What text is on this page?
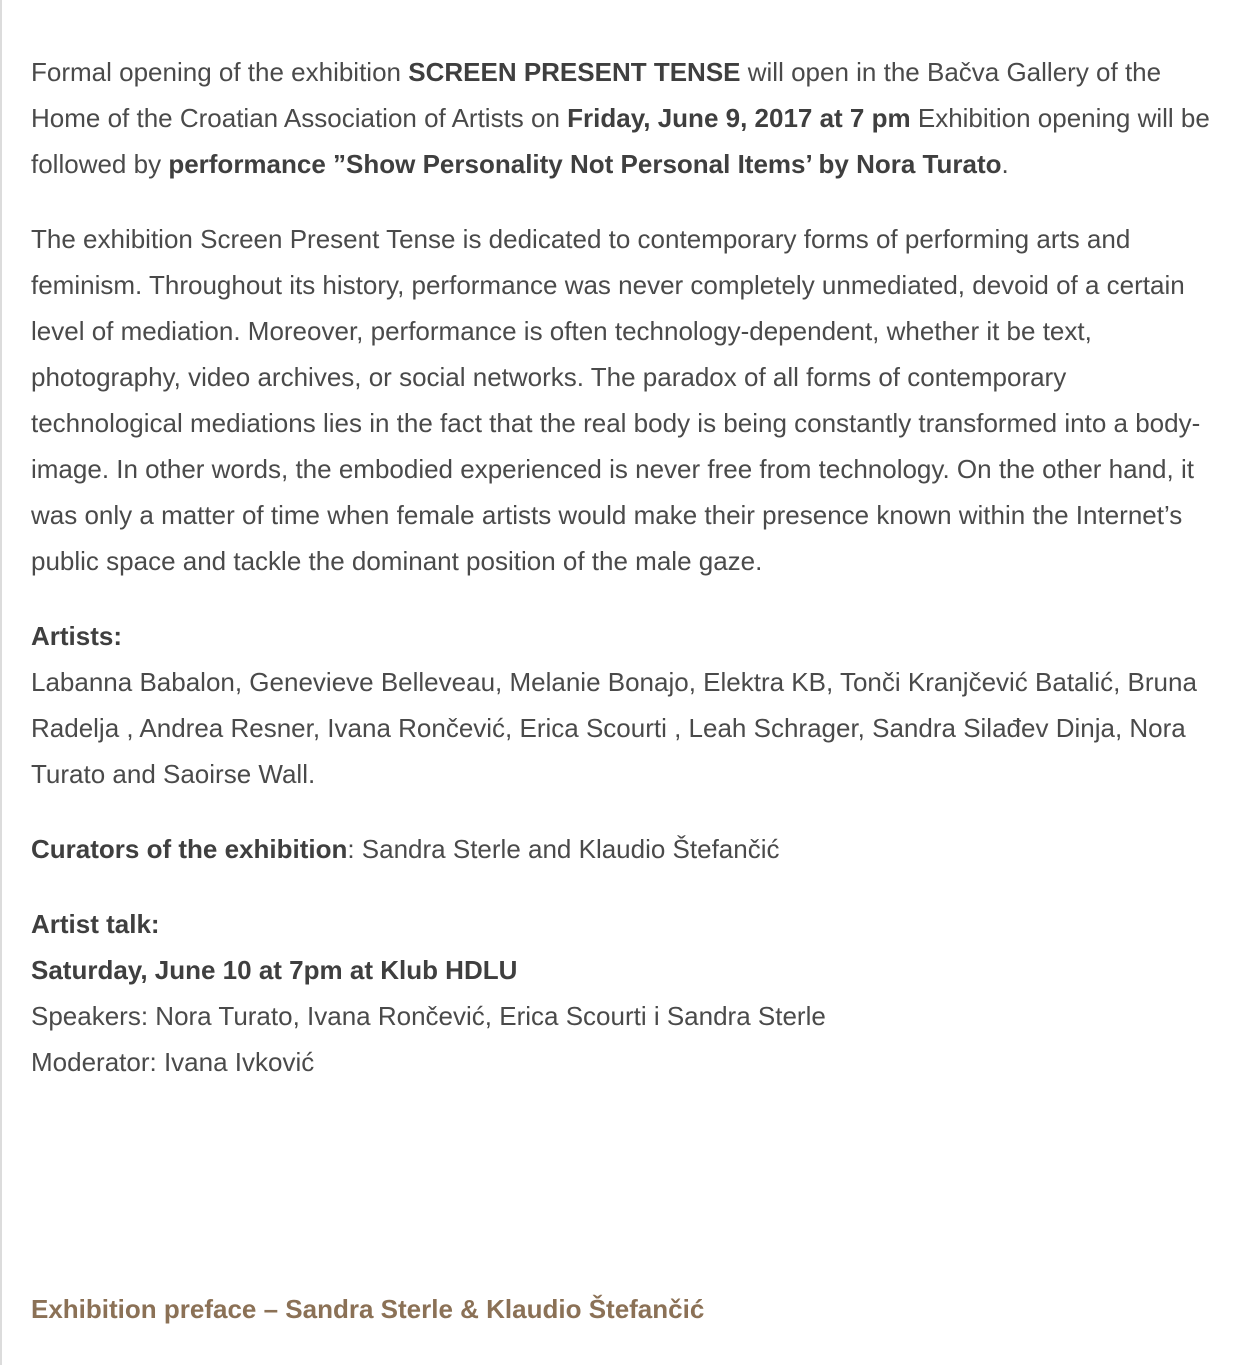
Formal opening of the exhibition SCREEN PRESENT TENSE will open in the Bačva Gallery of the Home of the Croatian Association of Artists on Friday, June 9, 2017 at 7 pm Exhibition opening will be followed by performance ”Show Personality Not Personal Items’ by Nora Turato.

The exhibition Screen Present Tense is dedicated to contemporary forms of performing arts and feminism. Throughout its history, performance was never completely unmediated, devoid of a certain level of mediation. Moreover, performance is often technology-dependent, whether it be text, photography, video archives, or social networks. The paradox of all forms of contemporary technological mediations lies in the fact that the real body is being constantly transformed into a body-image. In other words, the embodied experienced is never free from technology. On the other hand, it was only a matter of time when female artists would make their presence known within the Internet’s public space and tackle the dominant position of the male gaze.

Artists:
Labanna Babalon, Genevieve Belleveau, Melanie Bonajo, Elektra KB, Tonči Kranjčević Batalić, Bruna Radelja , Andrea Resner, Ivana Rončević, Erica Scourti , Leah Schrager, Sandra Silađev Dinja, Nora Turato and Saoirse Wall.

Curators of the exhibition: Sandra Sterle and Klaudio Štefančić

Artist talk:
Saturday, June 10 at 7pm at Klub HDLU
Speakers: Nora Turato, Ivana Rončević, Erica Scourti i Sandra Sterle
Moderator: Ivana Ivković

Exhibition preface – Sandra Sterle & Klaudio Štefančić
